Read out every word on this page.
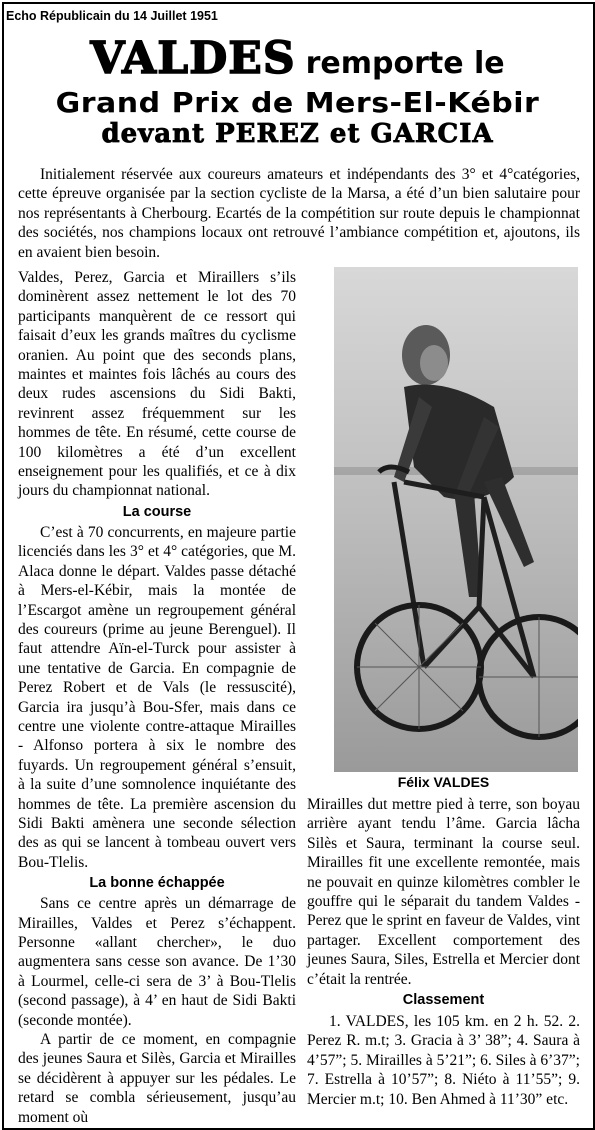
Echo Républicain du 14 Juillet 1951
VALDES remporte le
Grand Prix de Mers-El-Kébir
devant PEREZ et GARCIA

Initialement réservée aux coureurs amateurs et indépendants des 3° et 4°catégories, cette épreuve organisée par la section cycliste de la Marsa, a été d’un bien salutaire pour nos représentants à Cherbourg. Ecartés de la compétition sur route depuis le championnat des sociétés, nos champions locaux ont retrouvé l’ambiance compétition et, ajoutons, ils en avaient bien besoin.

Valdes, Perez, Garcia et Miraillers s’ils dominèrent assez nettement le lot des 70 participants manquèrent de ce ressort qui faisait d’eux les grands maîtres du cyclisme oranien. Au point que des seconds plans, maintes et maintes fois lâchés au cours des deux rudes ascensions du Sidi Bakti, revinrent assez fréquemment sur les hommes de tête. En résumé, cette course de 100 kilomètres a été d’un excellent enseignement pour les qualifiés, et ce à dix jours du championnat national.

La course

C’est à 70 concurrents, en majeure partie licenciés dans les 3° et 4° catégories, que M. Alaca donne le départ. Valdes passe détaché à Mers-el-Kébir, mais la montée de l’Escargot amène un regroupement général des coureurs (prime au jeune Berenguel). Il faut attendre Aïn-el-Turck pour assister à une tentative de Garcia. En compagnie de Perez Robert et de Vals (le ressuscité), Garcia ira jusqu’à Bou-Sfer, mais dans ce centre une violente contre-attaque Mirailles - Alfonso portera à six le nombre des fuyards. Un regroupement général s’ensuit, à la suite d’une somnolence inquiétante des hommes de tête. La première ascension du Sidi Bakti amènera une seconde sélection des as qui se lancent à tombeau ouvert vers Bou-Tlelis.

La bonne échappée

Sans ce centre après un démarrage de Mirailles, Valdes et Perez s’échappent. Personne «allant chercher», le duo augmentera sans cesse son avance. De 1’30 à Lourmel, celle-ci sera de 3’ à Bou-Tlelis (second passage), à 4’ en haut de Sidi Bakti (seconde montée).

A partir de ce moment, en compagnie des jeunes Saura et Silès, Garcia et Mirailles se décidèrent à appuyer sur les pédales. Le retard se combla sérieusement, jusqu’au moment où

Félix VALDES

Mirailles dut mettre pied à terre, son boyau arrière ayant tendu l’âme. Garcia lâcha Silès et Saura, terminant la course seul. Mirailles fit une excellente remontée, mais ne pouvait en quinze kilomètres combler le gouffre qui le séparait du tandem Valdes - Perez que le sprint en faveur de Valdes, vint partager. Excellent comportement des jeunes Saura, Siles, Estrella et Mercier dont c’était la rentrée.

Classement

1. VALDES, les 105 km. en 2 h. 52. 2. Perez R. m.t; 3. Gracia à 3’ 38”; 4. Saura à 4’57”; 5. Mirailles à 5’21”; 6. Siles à 6’37”; 7. Estrella à 10’57”; 8. Niéto à 11’55”; 9. Mercier m.t; 10. Ben Ahmed à 11’30” etc.
